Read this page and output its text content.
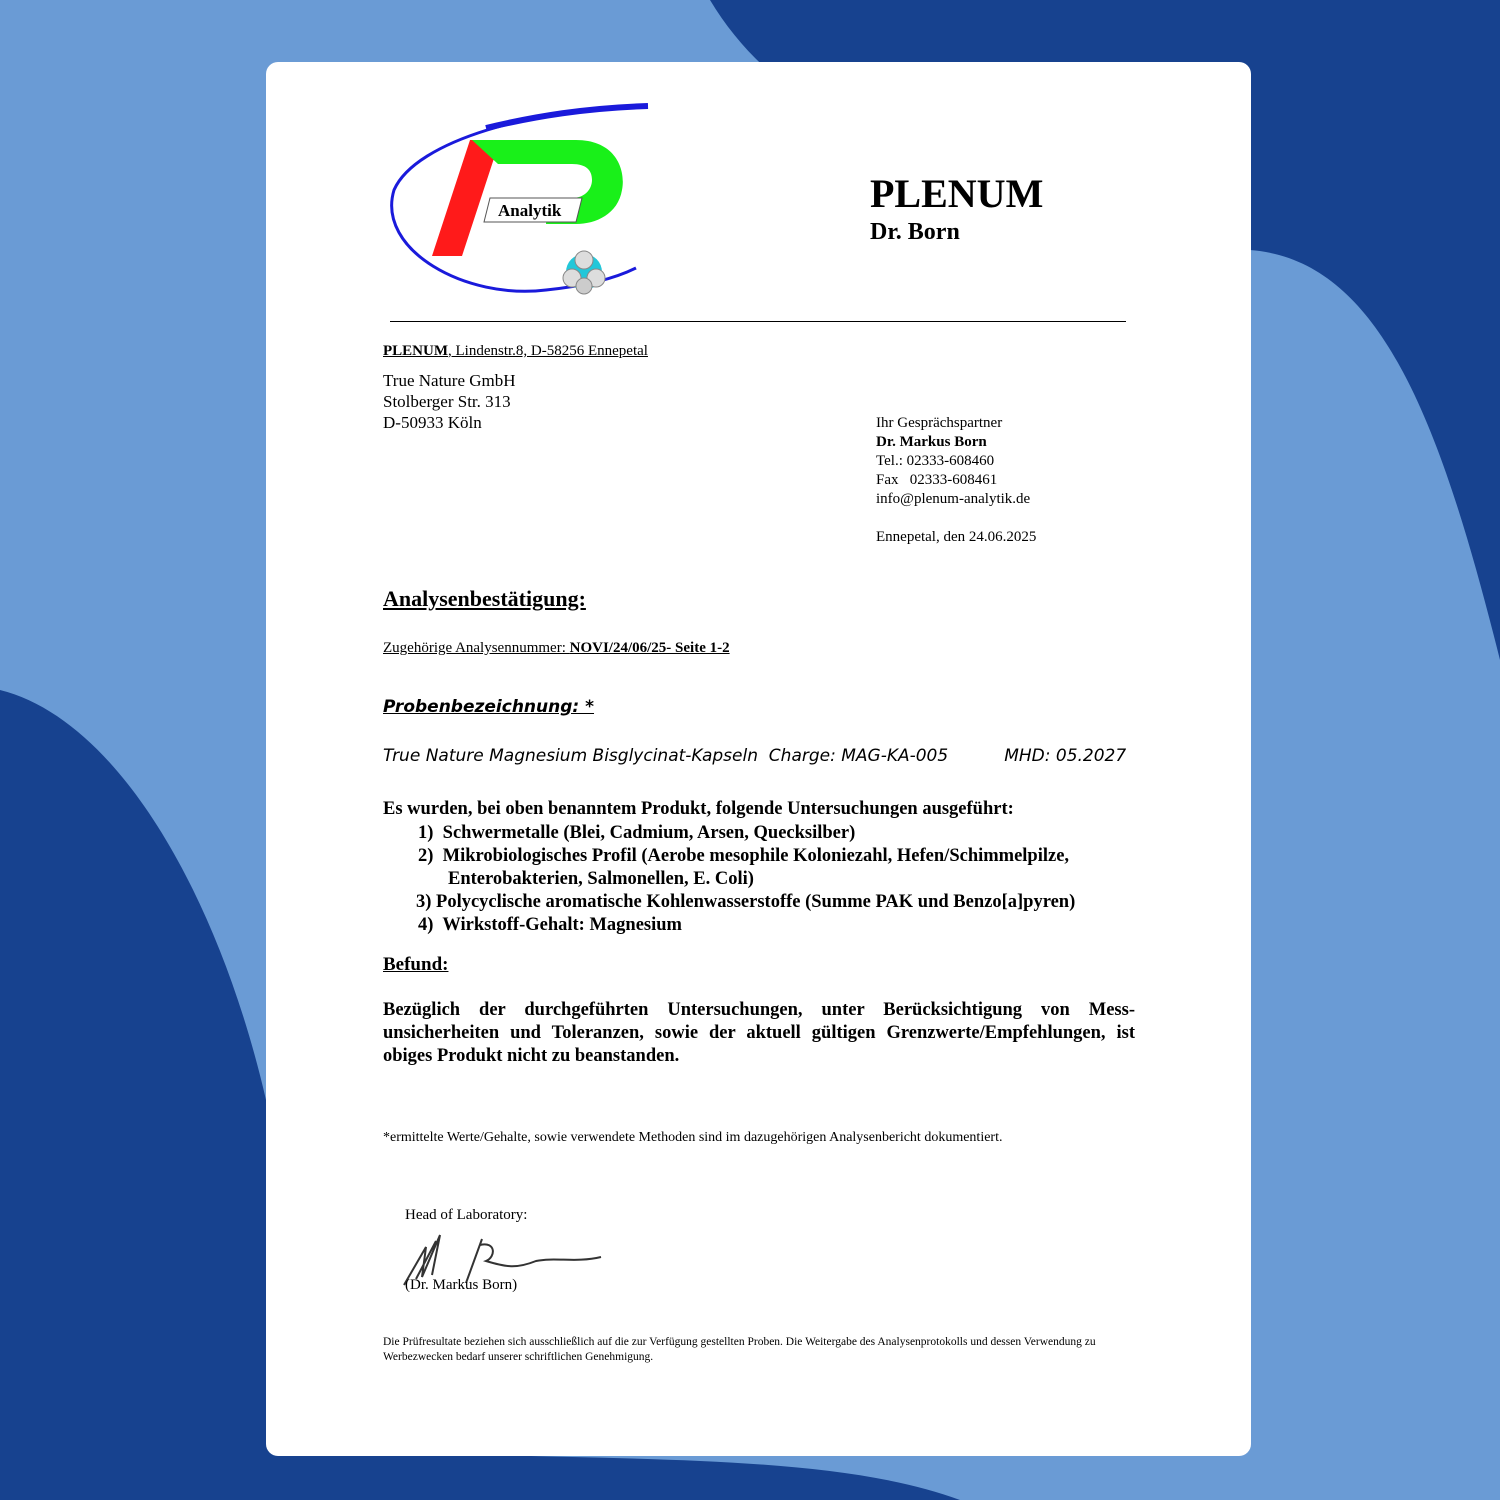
Analytik	PLENUM
Dr. Born
PLENUM, Lindenstr.8, D-58256 Ennepetal
True Nature GmbH
Stolberger Str. 313
D-50933 Köln	Ihr Gesprächspartner
Dr. Markus Born
Tel.: 02333-608460
Fax   02333-608461
info@plenum-analytik.de
Ennepetal, den 24.06.2025
Analysenbestätigung:
Zugehörige Analysennummer: NOVI/24/06/25- Seite 1-2
Probenbezeichnung: *
True Nature Magnesium Bisglycinat-Kapseln  Charge: MAG-KA-005	MHD: 05.2027
Es wurden, bei oben benanntem Produkt, folgende Untersuchungen ausgeführt:
1)  Schwermetalle (Blei, Cadmium, Arsen, Quecksilber)
2)  Mikrobiologisches Profil (Aerobe mesophile Koloniezahl, Hefen/Schimmelpilze,
Enterobakterien, Salmonellen, E. Coli)
3) Polycyclische aromatische Kohlenwasserstoffe (Summe PAK und Benzo[a]pyren)
4)  Wirkstoff-Gehalt: Magnesium
Befund:
Bezüglich der durchgeführten Untersuchungen, unter Berücksichtigung von Mess-unsicherheiten und Toleranzen, sowie der aktuell gültigen Grenzwerte/Empfehlungen, ist obiges Produkt nicht zu beanstanden.
*ermittelte Werte/Gehalte, sowie verwendete Methoden sind im dazugehörigen Analysenbericht dokumentiert.
Head of Laboratory:
(Dr. Markus Born)
Die Prüfresultate beziehen sich ausschließlich auf die zur Verfügung gestellten Proben. Die Weitergabe des Analysenprotokolls und dessen Verwendung zu Werbezwecken bedarf unserer schriftlichen Genehmigung.
